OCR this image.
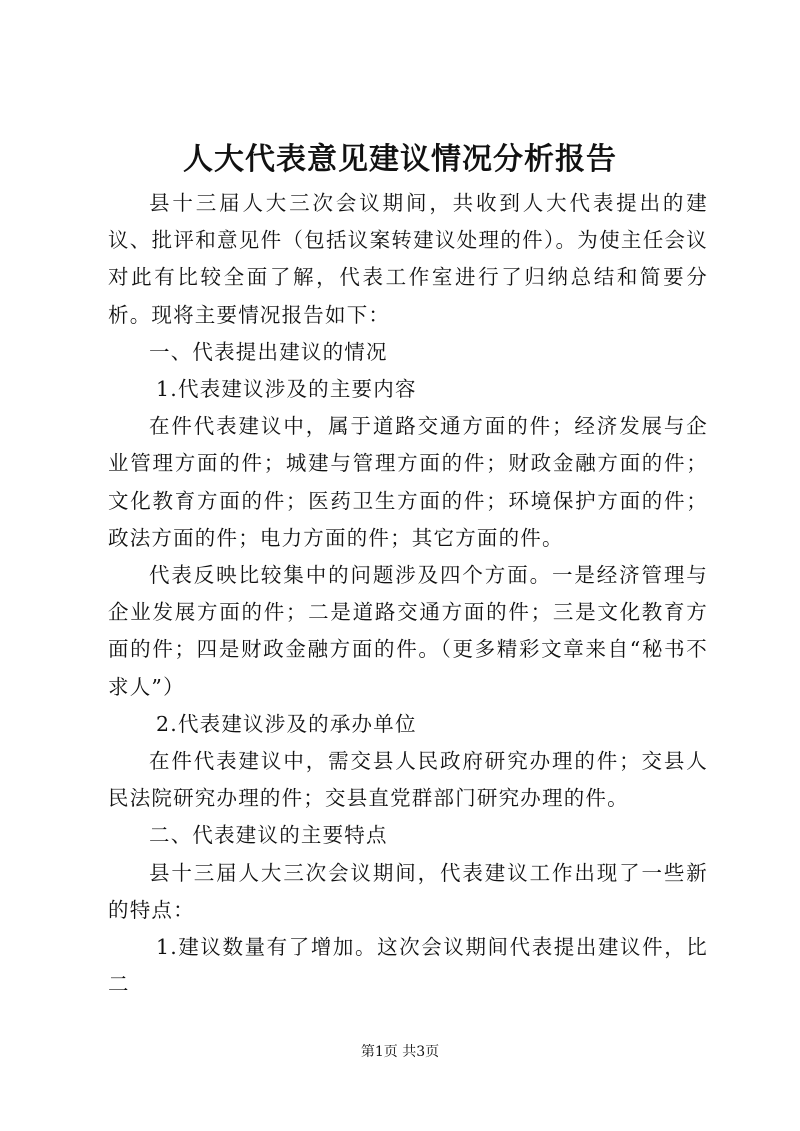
人大代表意见建议情况分析报告

县十三届人大三次会议期间，共收到人大代表提出的建议、批评和意见件（包括议案转建议处理的件）。为使主任会议对此有比较全面了解，代表工作室进行了归纳总结和简要分析。现将主要情况报告如下：

一、代表提出建议的情况

1.代表建议涉及的主要内容

在件代表建议中，属于道路交通方面的件；经济发展与企业管理方面的件；城建与管理方面的件；财政金融方面的件；文化教育方面的件；医药卫生方面的件；环境保护方面的件；政法方面的件；电力方面的件；其它方面的件。

代表反映比较集中的问题涉及四个方面。一是经济管理与企业发展方面的件；二是道路交通方面的件；三是文化教育方面的件；四是财政金融方面的件。（更多精彩文章来自“秘书不求人”）

2.代表建议涉及的承办单位

在件代表建议中，需交县人民政府研究办理的件；交县人民法院研究办理的件；交县直党群部门研究办理的件。

二、代表建议的主要特点

县十三届人大三次会议期间，代表建议工作出现了一些新的特点：

1.建议数量有了增加。这次会议期间代表提出建议件，比二

第1页 共3页
